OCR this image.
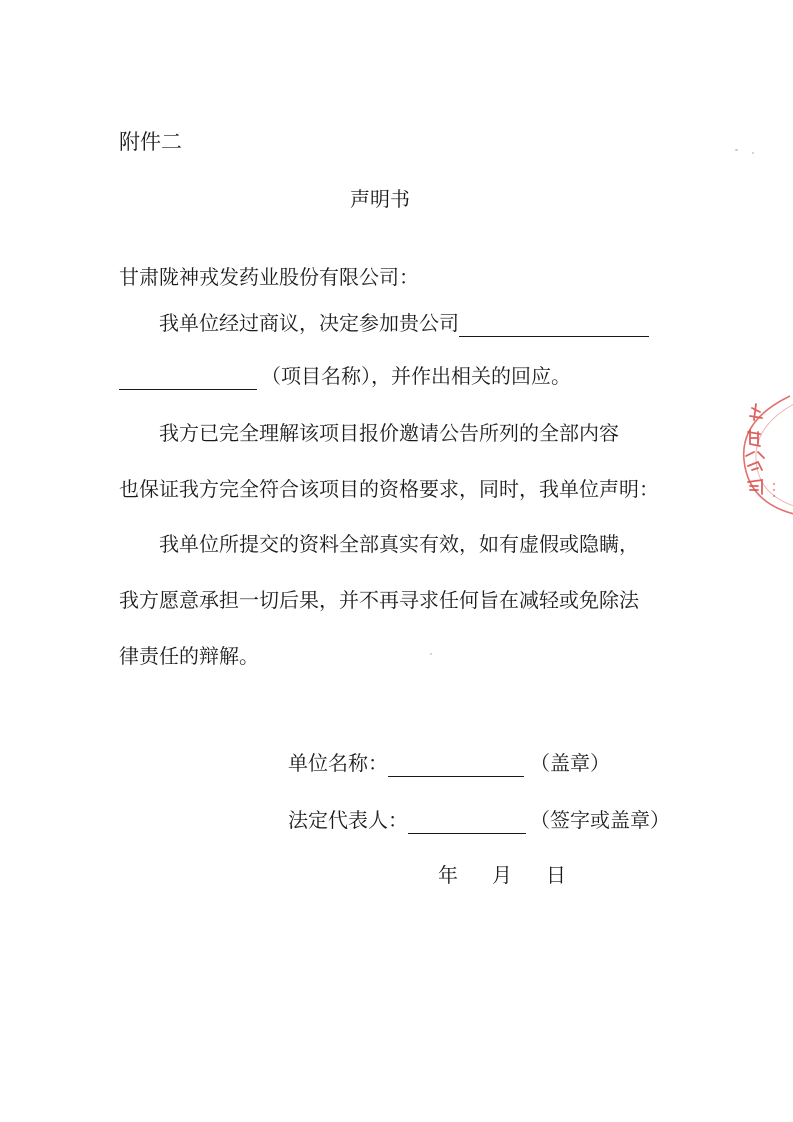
附件二
声明书
甘肃陇神戎发药业股份有限公司：
我单位经过商议，决定参加贵公司
（项目名称），并作出相关的回应。
我方已完全理解该项目报价邀请公告所列的全部内容
也保证我方完全符合该项目的资格要求，同时，我单位声明：
我单位所提交的资料全部真实有效，如有虚假或隐瞒，
我方愿意承担一切后果，并不再寻求任何旨在减轻或免除法
律责任的辩解。
单位名称：	（盖章）
法定代表人：	（签字或盖章）
年 月 日
